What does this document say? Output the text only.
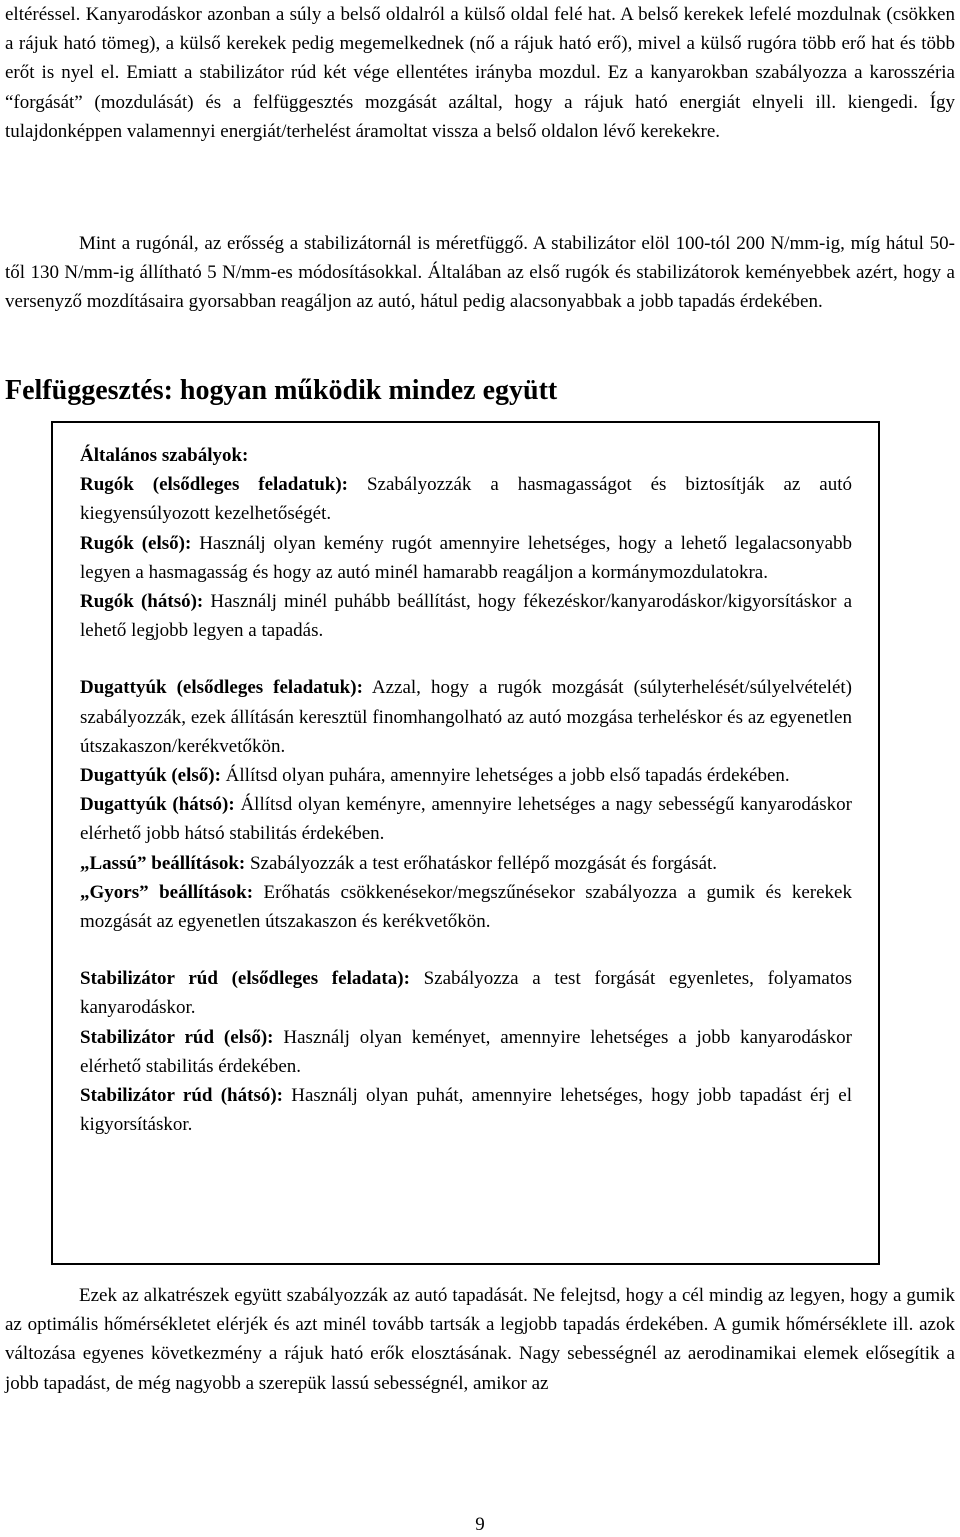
eltéréssel. Kanyarodáskor azonban a súly a belső oldalról a külső oldal felé hat. A belső kerekek lefelé mozdulnak (csökken a rájuk ható tömeg), a külső kerekek pedig megemelkednek (nő a rájuk ható erő), mivel a külső rugóra több erő hat és több erőt is nyel el. Emiatt a stabilizátor rúd két vége ellentétes irányba mozdul. Ez a kanyarokban szabályozza a karosszéria “forgását” (mozdulását) és a felfüggesztés mozgását azáltal, hogy a rájuk ható energiát elnyeli ill. kiengedi. Így tulajdonképpen valamennyi energiát/terhelést áramoltat vissza a belső oldalon lévő kerekekre.

Mint a rugónál, az erősség a stabilizátornál is méretfüggő. A stabilizátor elöl 100-tól 200 N/mm-ig, míg hátul 50-től 130 N/mm-ig állítható 5 N/mm-es módosításokkal. Általában az első rugók és stabilizátorok keményebbek azért, hogy a versenyző mozdításaira gyorsabban reagáljon az autó, hátul pedig alacsonyabbak a jobb tapadás érdekében.

Felfüggesztés: hogyan működik mindez együtt

Általános szabályok:

Rugók (elsődleges feladatuk): Szabályozzák a hasmagasságot és biztosítják az autó kiegyensúlyozott kezelhetőségét.

Rugók (első): Használj olyan kemény rugót amennyire lehetséges, hogy a lehető legalacsonyabb legyen a hasmagasság és hogy az autó minél hamarabb reagáljon a kormánymozdulatokra.

Rugók (hátsó): Használj minél puhább beállítást, hogy fékezéskor/kanyarodáskor/kigyorsításkor a lehető legjobb legyen a tapadás.

Dugattyúk (elsődleges feladatuk): Azzal, hogy a rugók mozgását (súlyterhelését/súlyelvételét) szabályozzák, ezek állításán keresztül finomhangolható az autó mozgása terheléskor és az egyenetlen útszakaszon/kerékvetőkön.

Dugattyúk (első): Állítsd olyan puhára, amennyire lehetséges a jobb első tapadás érdekében.

Dugattyúk (hátsó): Állítsd olyan keményre, amennyire lehetséges a nagy sebességű kanyarodáskor elérhető jobb hátsó stabilitás érdekében.

„Lassú” beállítások: Szabályozzák a test erőhatáskor fellépő mozgását és forgását.

„Gyors” beállítások: Erőhatás csökkenésekor/megszűnésekor szabályozza a gumik és kerekek mozgását az egyenetlen útszakaszon és kerékvetőkön.

Stabilizátor rúd (elsődleges feladata): Szabályozza a test forgását egyenletes, folyamatos kanyarodáskor.

Stabilizátor rúd (első): Használj olyan keményet, amennyire lehetséges a jobb kanyarodáskor elérhető stabilitás érdekében.

Stabilizátor rúd (hátsó): Használj olyan puhát, amennyire lehetséges, hogy jobb tapadást érj el kigyorsításkor.

Ezek az alkatrészek együtt szabályozzák az autó tapadását. Ne felejtsd, hogy a cél mindig az legyen, hogy a gumik az optimális hőmérsékletet elérjék és azt minél tovább tartsák a legjobb tapadás érdekében. A gumik hőmérséklete ill. azok változása egyenes következmény a rájuk ható erők elosztásának. Nagy sebességnél az aerodinamikai elemek elősegítik a jobb tapadást, de még nagyobb a szerepük lassú sebességnél, amikor az

9
